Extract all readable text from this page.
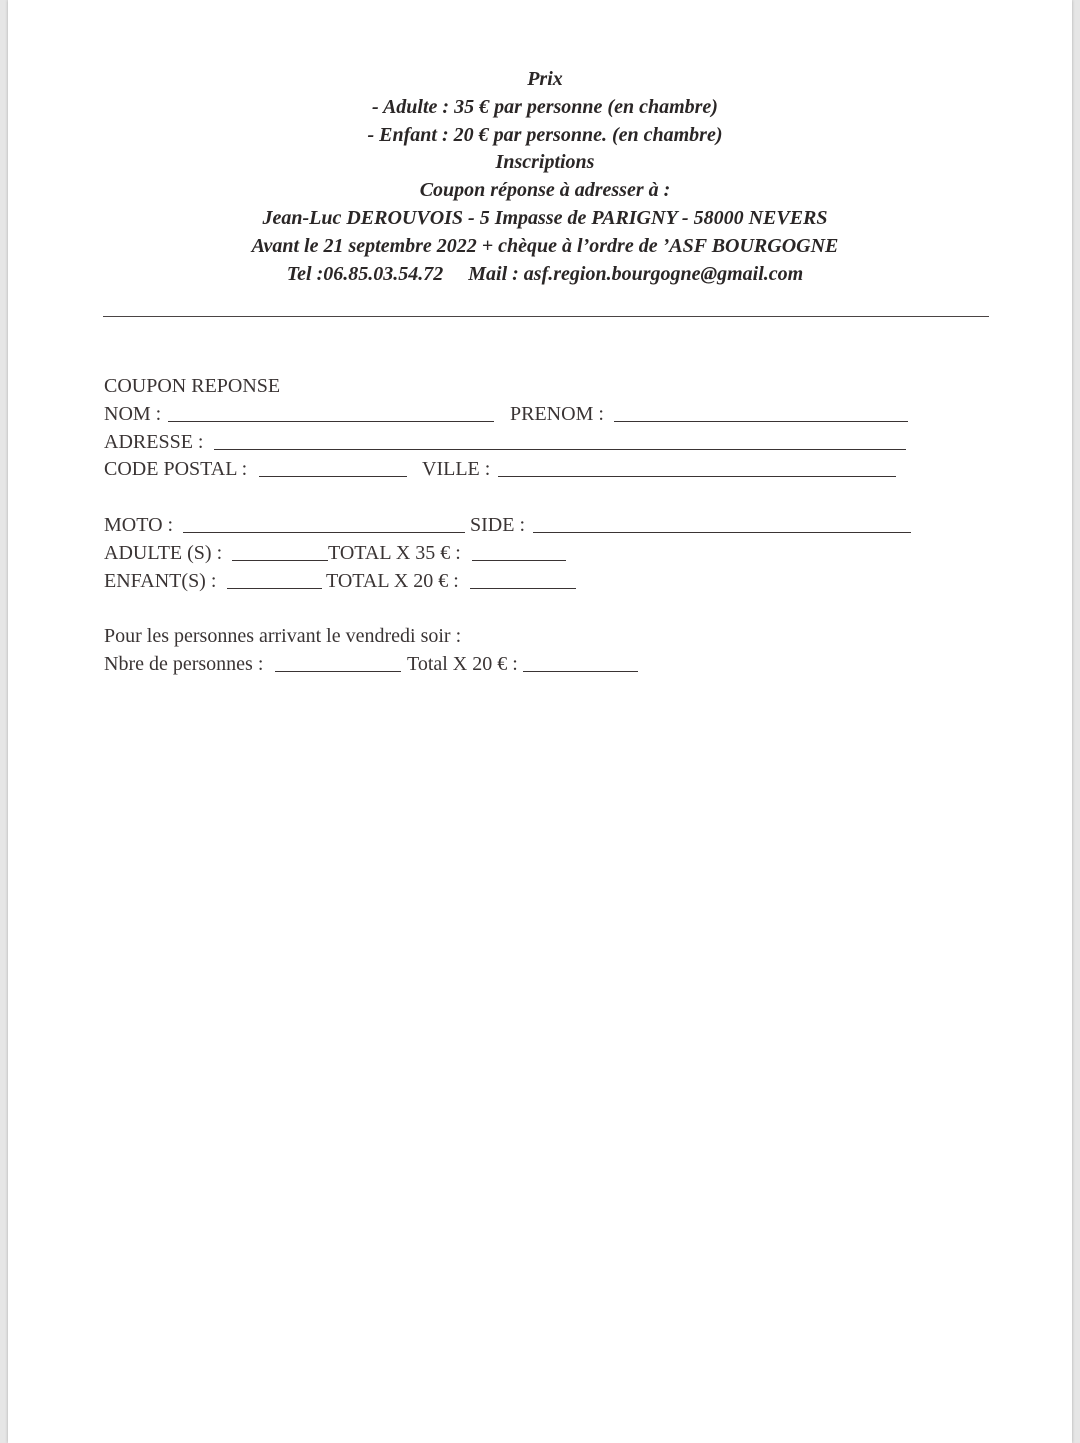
Prix
- Adulte : 35 € par personne (en chambre)
- Enfant : 20 € par personne. (en chambre)
Inscriptions
Coupon réponse à adresser à :
Jean-Luc DEROUVOIS - 5 Impasse de PARIGNY - 58000 NEVERS
Avant le 21 septembre 2022 + chèque à l’ordre de ’ASF BOURGOGNE
Tel :06.85.03.54.72     Mail : asf.region.bourgogne@gmail.com
COUPON REPONSE
NOM :	PRENOM :
ADRESSE :
CODE POSTAL :	VILLE :
MOTO :	SIDE :
ADULTE (S) :	TOTAL X 35 € :
ENFANT(S) :	TOTAL X 20 € :
Pour les personnes arrivant le vendredi soir :
Nbre de personnes :	Total X 20 € :
